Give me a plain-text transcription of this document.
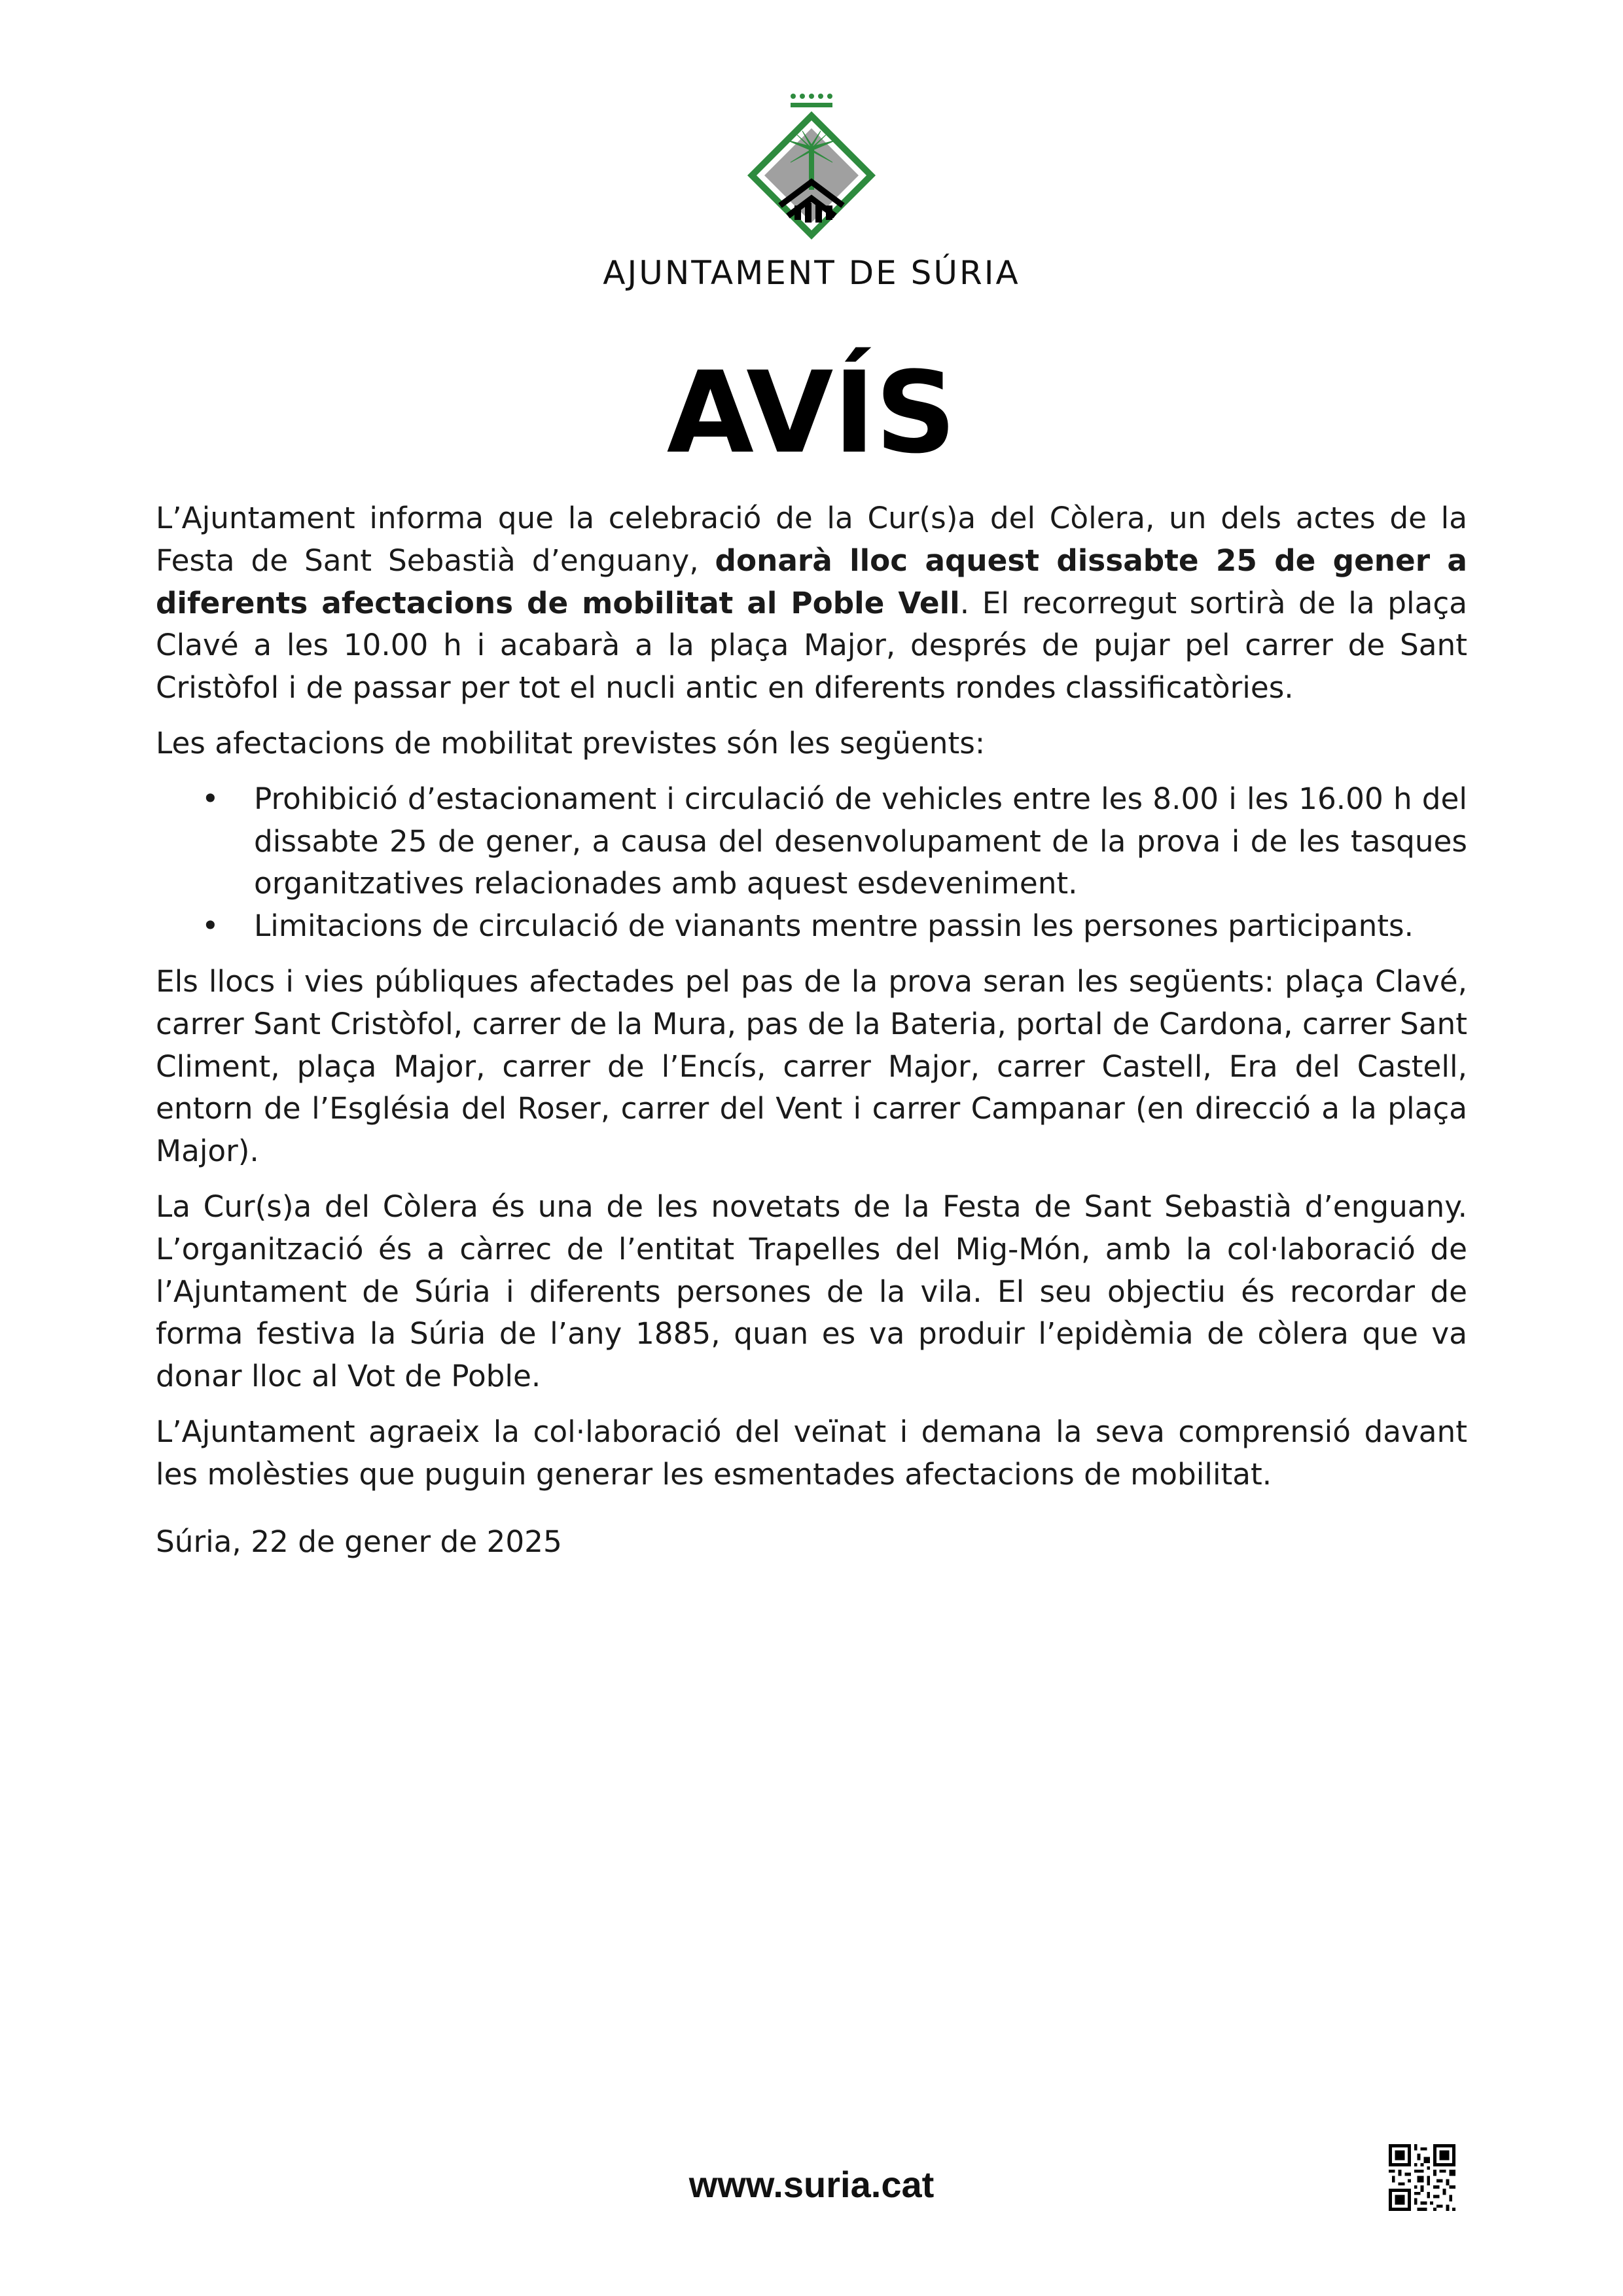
AJUNTAMENT DE SÚRIA
AVÍS

L’Ajuntament informa que la celebració de la Cur(s)a del Còlera, un dels actes de la Festa de Sant Sebastià d’enguany, donarà lloc aquest dissabte 25 de gener a diferents afectacions de mobilitat al Poble Vell. El recorregut sortirà de la plaça Clavé a les 10.00 h i acabarà a la plaça Major, després de pujar pel carrer de Sant Cristòfol i de passar per tot el nucli antic en diferents rondes classificatòries.

Les afectacions de mobilitat previstes són les següents:

• Prohibició d’estacionament i circulació de vehicles entre les 8.00 i les 16.00 h del dissabte 25 de gener, a causa del desenvolupament de la prova i de les tasques organitzatives relacionades amb aquest esdeveniment.
• Limitacions de circulació de vianants mentre passin les persones participants.

Els llocs i vies públiques afectades pel pas de la prova seran les següents: plaça Clavé, carrer Sant Cristòfol, carrer de la Mura, pas de la Bateria, portal de Cardona, carrer Sant Climent, plaça Major, carrer de l’Encís, carrer Major, carrer Castell, Era del Castell, entorn de l’Església del Roser, carrer del Vent i carrer Campanar (en direcció a la plaça Major).

La Cur(s)a del Còlera és una de les novetats de la Festa de Sant Sebastià d’enguany. L’organització és a càrrec de l’entitat Trapelles del Mig-Món, amb la col·laboració de l’Ajuntament de Súria i diferents persones de la vila. El seu objectiu és recordar de forma festiva la Súria de l’any 1885, quan es va produir l’epidèmia de còlera que va donar lloc al Vot de Poble.

L’Ajuntament agraeix la col·laboració del veïnat i demana la seva comprensió davant les molèsties que puguin generar les esmentades afectacions de mobilitat.

Súria, 22 de gener de 2025

www.suria.cat
